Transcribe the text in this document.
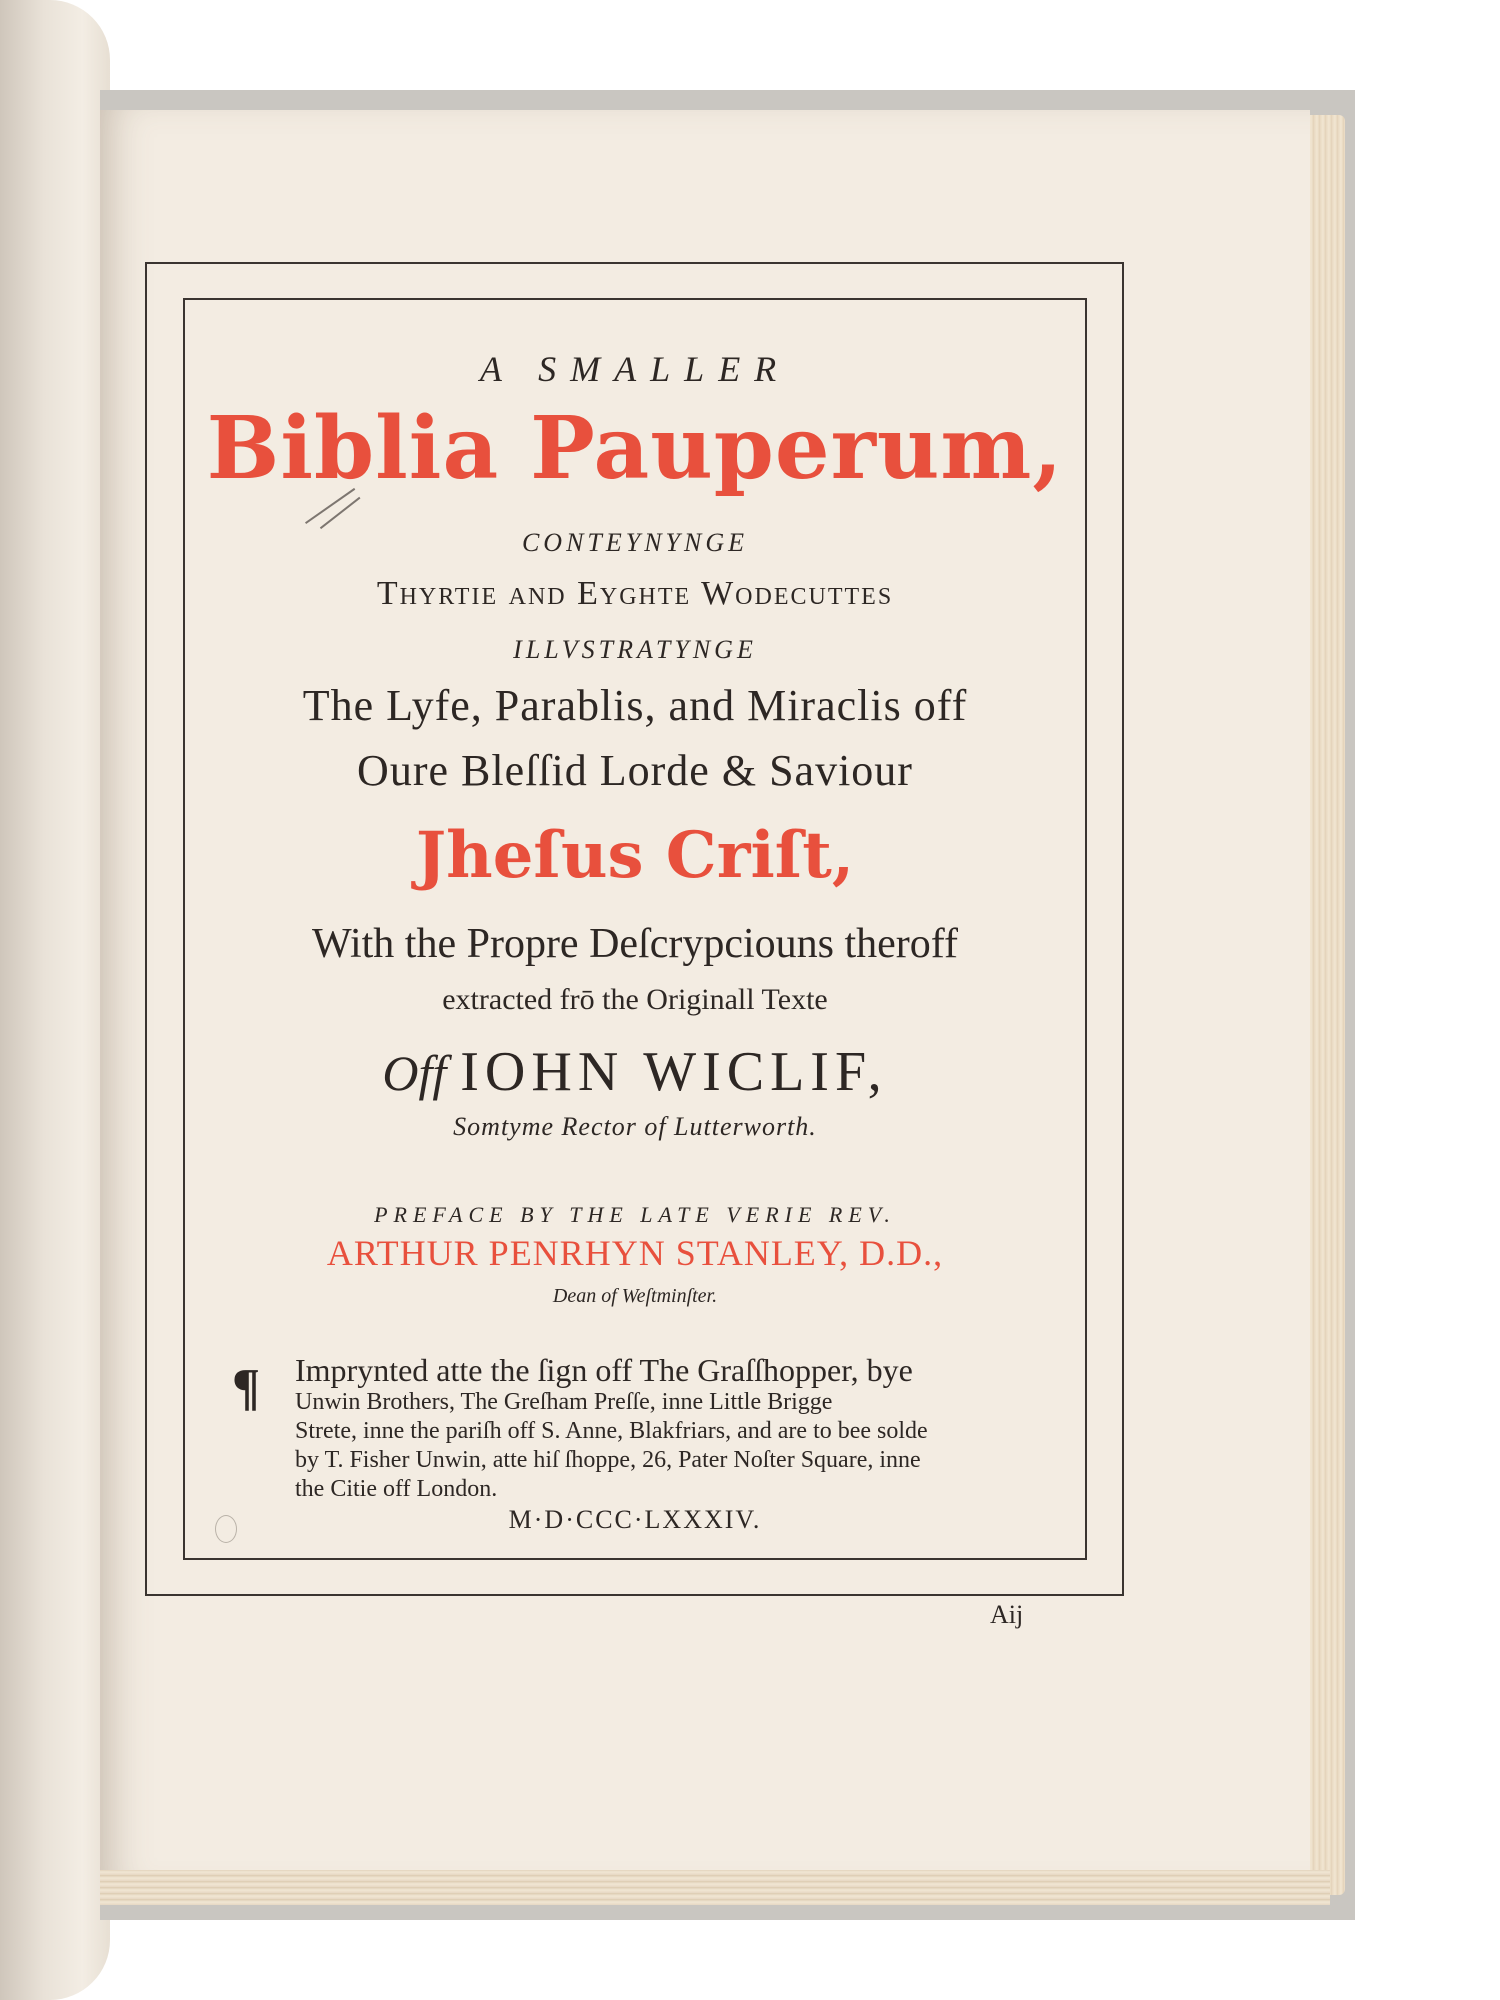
A SMALLER
Biblia Pauperum,
CONTEYNYNGE
Thyrtie and Eyghte Wodecuttes
ILLVSTRATYNGE
The Lyfe, Parablis, and Miraclis off
Oure Bleſſid Lorde & Saviour
Jheſus Criſt,
With the Propre Deſcrypciouns theroff
extracted frō the Originall Texte
Off IOHN WICLIF,
Somtyme Rector of Lutterworth.
PREFACE BY THE LATE VERIE REV.
ARTHUR PENRHYN STANLEY, D.D.,
Dean of Weſtminſter.
¶ Imprynted atte the ſign off The Graſſhopper, bye
Unwin Brothers, The Greſham Preſſe, inne Little Brigge
Strete, inne the pariſh off S. Anne, Blakfriars, and are to bee solde
by T. Fisher Unwin, atte hiſ ſhoppe, 26, Pater Noſter Square, inne
the Citie off London.
M·D·CCC·LXXXIV.
Aij
